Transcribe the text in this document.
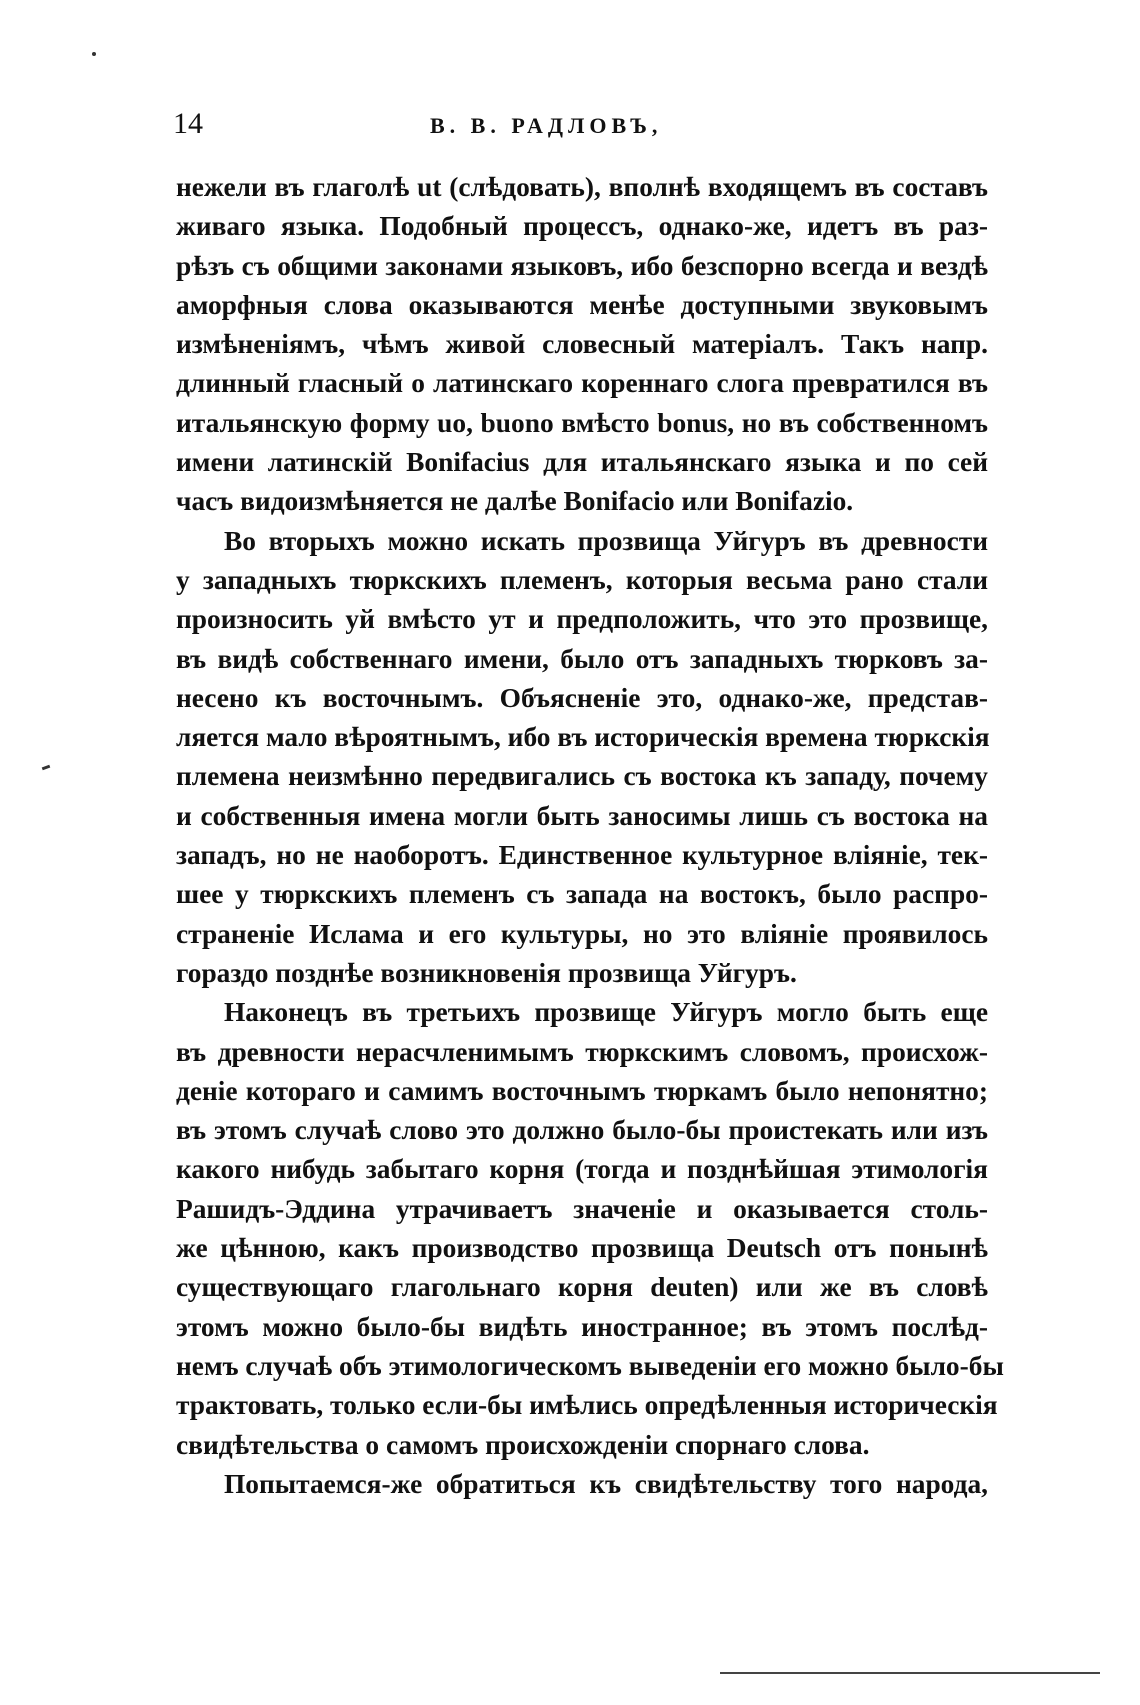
14	В. В. РАДЛОВЪ,
нежели въ глаголѣ ut (слѣдовать), вполнѣ входящемъ въ составъ
живаго языка. Подобный процессъ, однако-же, идетъ въ раз-
рѣзъ съ общими законами языковъ, ибо безспорно всегда и вездѣ
аморфныя слова оказываются менѣе доступными звуковымъ
измѣненіямъ, чѣмъ живой словесный матеріалъ. Такъ напр.
длинный гласный о латинскаго кореннаго слога превратился въ
итальянскую форму uo, buono вмѣсто bonus, но въ собственномъ
имени латинскій Bonifacius для итальянскаго языка и по сей
часъ видоизмѣняется не далѣе Bonifacio или Bonifazio.
Во вторыхъ можно искать прозвища Уйгуръ въ древности
у западныхъ тюркскихъ племенъ, которыя весьма рано стали
произносить уй вмѣсто ут и предположить, что это прозвище,
въ видѣ собственнаго имени, было отъ западныхъ тюрковъ за-
несено къ восточнымъ. Объясненіе это, однако-же, представ-
ляется мало вѣроятнымъ, ибо въ историческія времена тюркскія
племена неизмѣнно передвигались съ востока къ западу, почему
и собственныя имена могли быть заносимы лишь съ востока на
западъ, но не наоборотъ. Единственное культурное вліяніе, тек-
шее у тюркскихъ племенъ съ запада на востокъ, было распро-
страненіе Ислама и его культуры, но это вліяніе проявилось
гораздо позднѣе возникновенія прозвища Уйгуръ.
Наконецъ въ третьихъ прозвище Уйгуръ могло быть еще
въ древности нерасчленимымъ тюркскимъ словомъ, происхож-
деніе котораго и самимъ восточнымъ тюркамъ было непонятно;
въ этомъ случаѣ слово это должно было-бы проистекать или изъ
какого нибудь забытаго корня (тогда и позднѣйшая этимологія
Рашидъ-Эддина утрачиваетъ значеніе и оказывается столь-
же цѣнною, какъ производство прозвища Deutsch отъ понынѣ
существующаго глагольнаго корня deuten) или же въ словѣ
этомъ можно было-бы видѣть иностранное; въ этомъ послѣд-
немъ случаѣ объ этимологическомъ выведеніи его можно было-бы
трактовать, только если-бы имѣлись опредѣленныя историческія
свидѣтельства о самомъ происхожденіи спорнаго слова.
Попытаемся-же обратиться къ свидѣтельству того народа,
